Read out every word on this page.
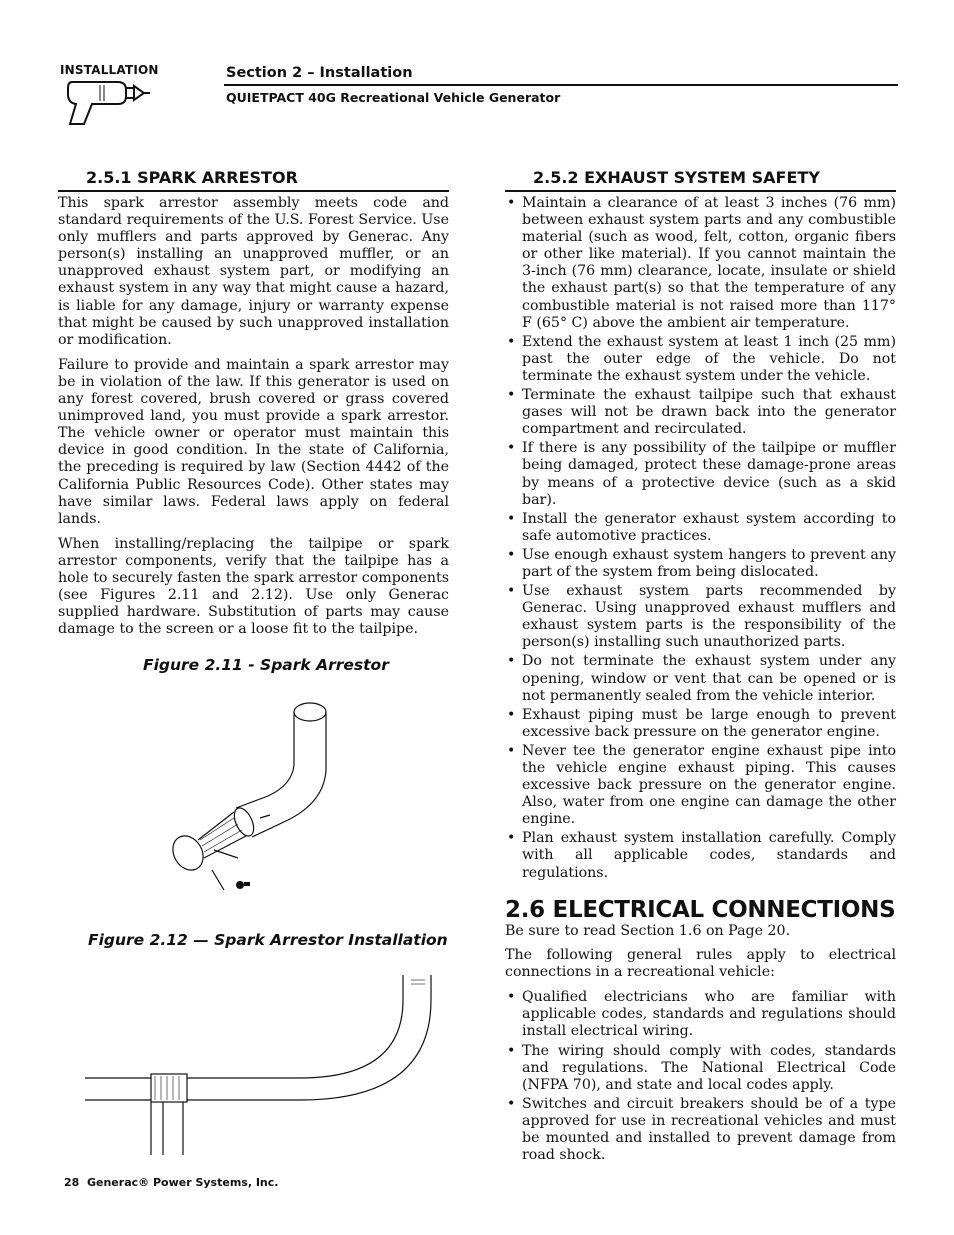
INSTALLATION	Section 2 – Installation
QUIETPACT 40G Recreational Vehicle Generator
2.5.1 SPARK ARRESTOR

This spark arrestor assembly meets code and standard requirements of the U.S. Forest Service. Use only mufflers and parts approved by Generac. Any person(s) installing an unapproved muffler, or an unapproved exhaust system part, or modifying an exhaust system in any way that might cause a hazard, is liable for any damage, injury or warranty expense that might be caused by such unapproved installation or modification.

Failure to provide and maintain a spark arrestor may be in violation of the law. If this generator is used on any forest covered, brush covered or grass covered unimproved land, you must provide a spark arrestor. The vehicle owner or operator must maintain this device in good condition. In the state of California, the preceding is required by law (Section 4442 of the California Public Resources Code). Other states may have similar laws. Federal laws apply on federal lands.

When installing/replacing the tailpipe or spark arrestor components, verify that the tailpipe has a hole to securely fasten the spark arrestor components (see Figures 2.11 and 2.12). Use only Generac supplied hardware. Substitution of parts may cause damage to the screen or a loose fit to the tailpipe.

Figure 2.11 - Spark Arrestor
Figure 2.12 — Spark Arrestor Installation
2.5.2 EXHAUST SYSTEM SAFETY
• Maintain a clearance of at least 3 inches (76 mm) between exhaust system parts and any combustible material (such as wood, felt, cotton, organic fibers or other like material). If you cannot maintain the 3-inch (76 mm) clearance, locate, insulate or shield the exhaust part(s) so that the temperature of any combustible material is not raised more than 117° F (65° C) above the ambient air temperature.
• Extend the exhaust system at least 1 inch (25 mm) past the outer edge of the vehicle. Do not terminate the exhaust system under the vehicle.
• Terminate the exhaust tailpipe such that exhaust gases will not be drawn back into the generator compartment and recirculated.
• If there is any possibility of the tailpipe or muffler being damaged, protect these damage-prone areas by means of a protective device (such as a skid bar).
• Install the generator exhaust system according to safe automotive practices.
• Use enough exhaust system hangers to prevent any part of the system from being dislocated.
• Use exhaust system parts recommended by Generac. Using unapproved exhaust mufflers and exhaust system parts is the responsibility of the person(s) installing such unauthorized parts.
• Do not terminate the exhaust system under any opening, window or vent that can be opened or is not permanently sealed from the vehicle interior.
• Exhaust piping must be large enough to prevent excessive back pressure on the generator engine.
• Never tee the generator engine exhaust pipe into the vehicle engine exhaust piping. This causes excessive back pressure on the generator engine. Also, water from one engine can damage the other engine.
• Plan exhaust system installation carefully. Comply with all applicable codes, standards and regulations.
2.6 ELECTRICAL CONNECTIONS

Be sure to read Section 1.6 on Page 20.

The following general rules apply to electrical connections in a recreational vehicle:

• Qualified electricians who are familiar with applicable codes, standards and regulations should install electrical wiring.
• The wiring should comply with codes, standards and regulations. The National Electrical Code (NFPA 70), and state and local codes apply.
• Switches and circuit breakers should be of a type approved for use in recreational vehicles and must be mounted and installed to prevent damage from road shock.
28 Generac® Power Systems, Inc.
